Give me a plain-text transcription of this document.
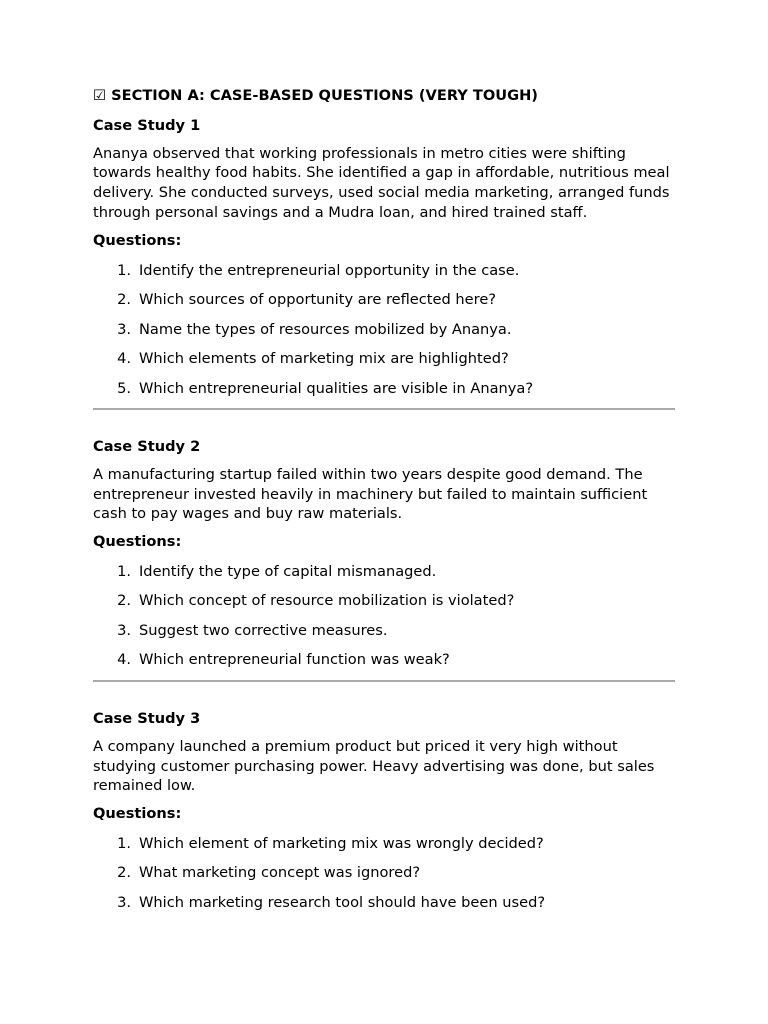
☑ SECTION A: CASE-BASED QUESTIONS (VERY TOUGH)
Case Study 1
Ananya observed that working professionals in metro cities were shifting towards healthy food habits. She identified a gap in affordable, nutritious meal delivery. She conducted surveys, used social media marketing, arranged funds through personal savings and a Mudra loan, and hired trained staff.
Questions:
1. Identify the entrepreneurial opportunity in the case.
2. Which sources of opportunity are reflected here?
3. Name the types of resources mobilized by Ananya.
4. Which elements of marketing mix are highlighted?
5. Which entrepreneurial qualities are visible in Ananya?
Case Study 2
A manufacturing startup failed within two years despite good demand. The entrepreneur invested heavily in machinery but failed to maintain sufficient cash to pay wages and buy raw materials.
Questions:
1. Identify the type of capital mismanaged.
2. Which concept of resource mobilization is violated?
3. Suggest two corrective measures.
4. Which entrepreneurial function was weak?
Case Study 3
A company launched a premium product but priced it very high without studying customer purchasing power. Heavy advertising was done, but sales remained low.
Questions:
1. Which element of marketing mix was wrongly decided?
2. What marketing concept was ignored?
3. Which marketing research tool should have been used?
